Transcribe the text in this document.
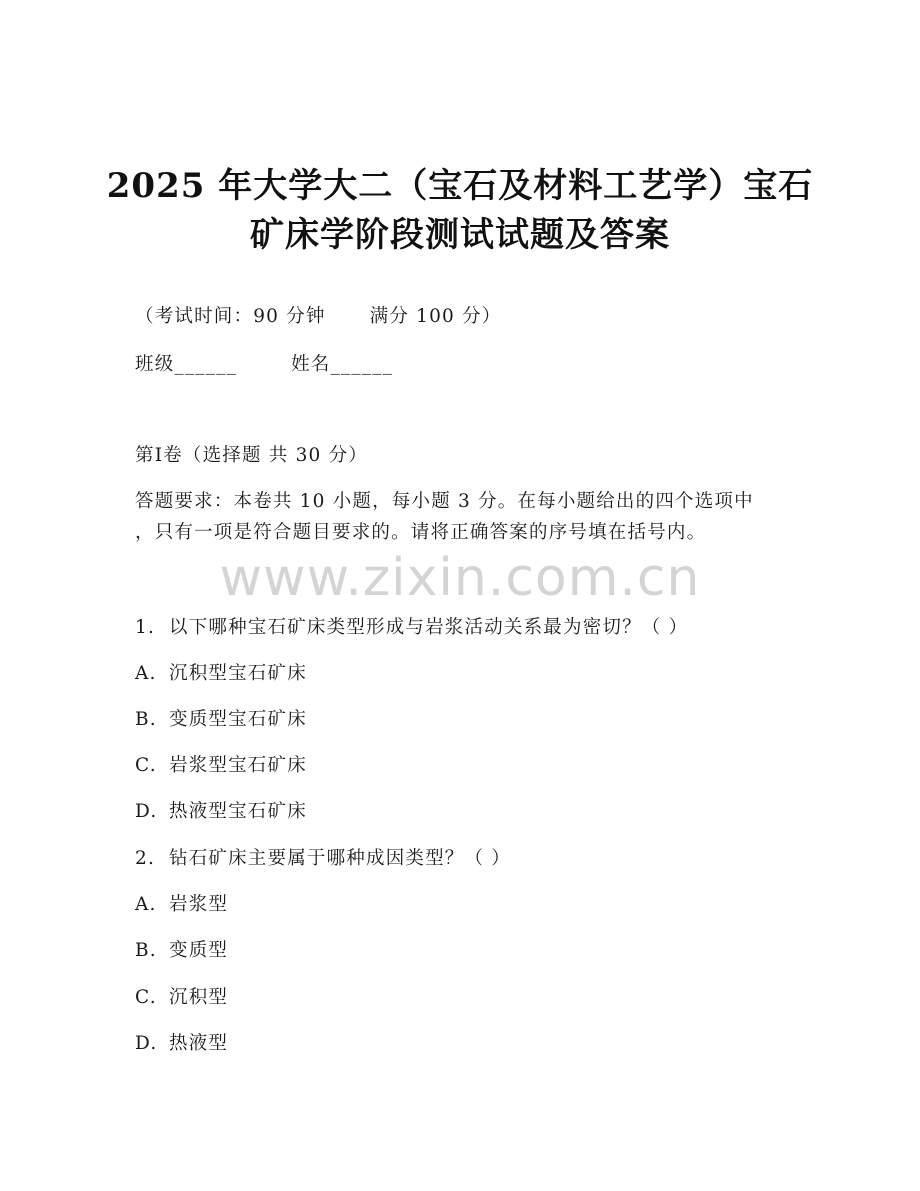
2025 年大学大二（宝石及材料工艺学）宝石
矿床学阶段测试试题及答案
（考试时间：90 分钟 满分 100 分）
班级______	姓名______
第Ⅰ卷（选择题 共 30 分）
答题要求：本卷共 10 小题，每小题 3 分。在每小题给出的四个选项中
，只有一项是符合题目要求的。请将正确答案的序号填在括号内。
www.zixin.com.cn
1. 以下哪种宝石矿床类型形成与岩浆活动关系最为密切？（ ）
A. 沉积型宝石矿床
B. 变质型宝石矿床
C. 岩浆型宝石矿床
D. 热液型宝石矿床
2. 钻石矿床主要属于哪种成因类型？（ ）
A. 岩浆型
B. 变质型
C. 沉积型
D. 热液型
